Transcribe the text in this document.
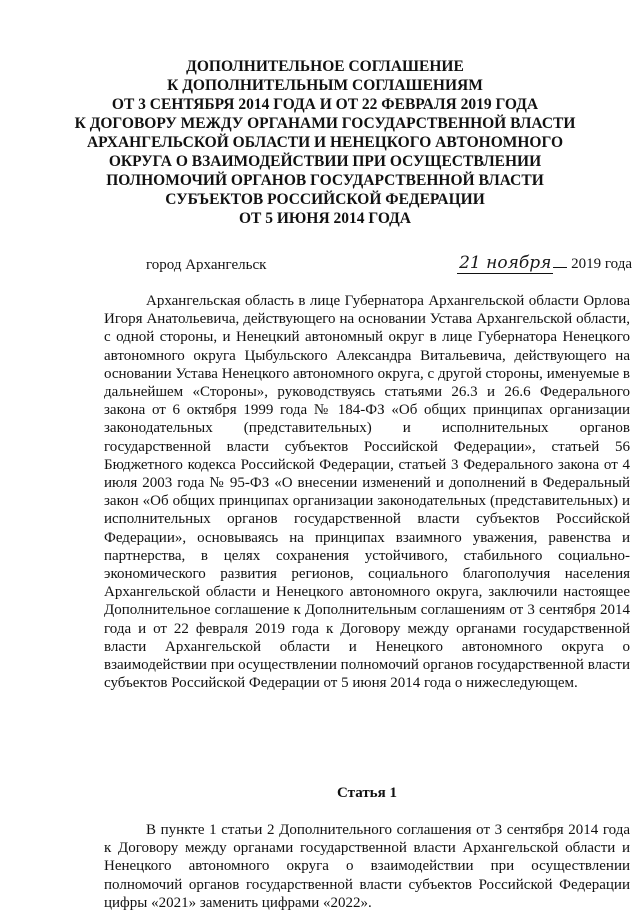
ДОПОЛНИТЕЛЬНОЕ СОГЛАШЕНИЕ
К ДОПОЛНИТЕЛЬНЫМ СОГЛАШЕНИЯМ
ОТ 3 СЕНТЯБРЯ 2014 ГОДА И ОТ 22 ФЕВРАЛЯ 2019 ГОДА
К ДОГОВОРУ МЕЖДУ ОРГАНАМИ ГОСУДАРСТВЕННОЙ ВЛАСТИ
АРХАНГЕЛЬСКОЙ ОБЛАСТИ И НЕНЕЦКОГО АВТОНОМНОГО
ОКРУГА О ВЗАИМОДЕЙСТВИИ ПРИ ОСУЩЕСТВЛЕНИИ
ПОЛНОМОЧИЙ ОРГАНОВ ГОСУДАРСТВЕННОЙ ВЛАСТИ
СУБЪЕКТОВ РОССИЙСКОЙ ФЕДЕРАЦИИ
ОТ 5 ИЮНЯ 2014 ГОДА
город Архангельск	21 ноября 2019 года

Архангельская область в лице Губернатора Архангельской области Орлова Игоря Анатольевича, действующего на основании Устава Архангельской области, с одной стороны, и Ненецкий автономный округ в лице Губернатора Ненецкого автономного округа Цыбульского Александра Витальевича, действующего на основании Устава Ненецкого автономного округа, с другой стороны, именуемые в дальнейшем «Стороны», руководствуясь статьями 26.3 и 26.6 Федерального закона от 6 октября 1999 года № 184-ФЗ «Об общих принципах организации законодательных (представительных) и исполнительных органов государственной власти субъектов Российской Федерации», статьей 56 Бюджетного кодекса Российской Федерации, статьей 3 Федерального закона от 4 июля 2003 года № 95-ФЗ «О внесении изменений и дополнений в Федеральный закон «Об общих принципах организации законодательных (представительных) и исполнительных органов государственной власти субъектов Российской Федерации», основываясь на принципах взаимного уважения, равенства и партнерства, в целях сохранения устойчивого, стабильного социально-экономического развития регионов, социального благополучия населения Архангельской области и Ненецкого автономного округа, заключили настоящее Дополнительное соглашение к Дополнительным соглашениям от 3 сентября 2014 года и от 22 февраля 2019 года к Договору между органами государственной власти Архангельской области и Ненецкого автономного округа о взаимодействии при осуществлении полномочий органов государственной власти субъектов Российской Федерации от 5 июня 2014 года о нижеследующем.

Статья 1

В пункте 1 статьи 2 Дополнительного соглашения от 3 сентября 2014 года к Договору между органами государственной власти Архангельской области и Ненецкого автономного округа о взаимодействии при осуществлении полномочий органов государственной власти субъектов Российской Федерации цифры «2021» заменить цифрами «2022».
